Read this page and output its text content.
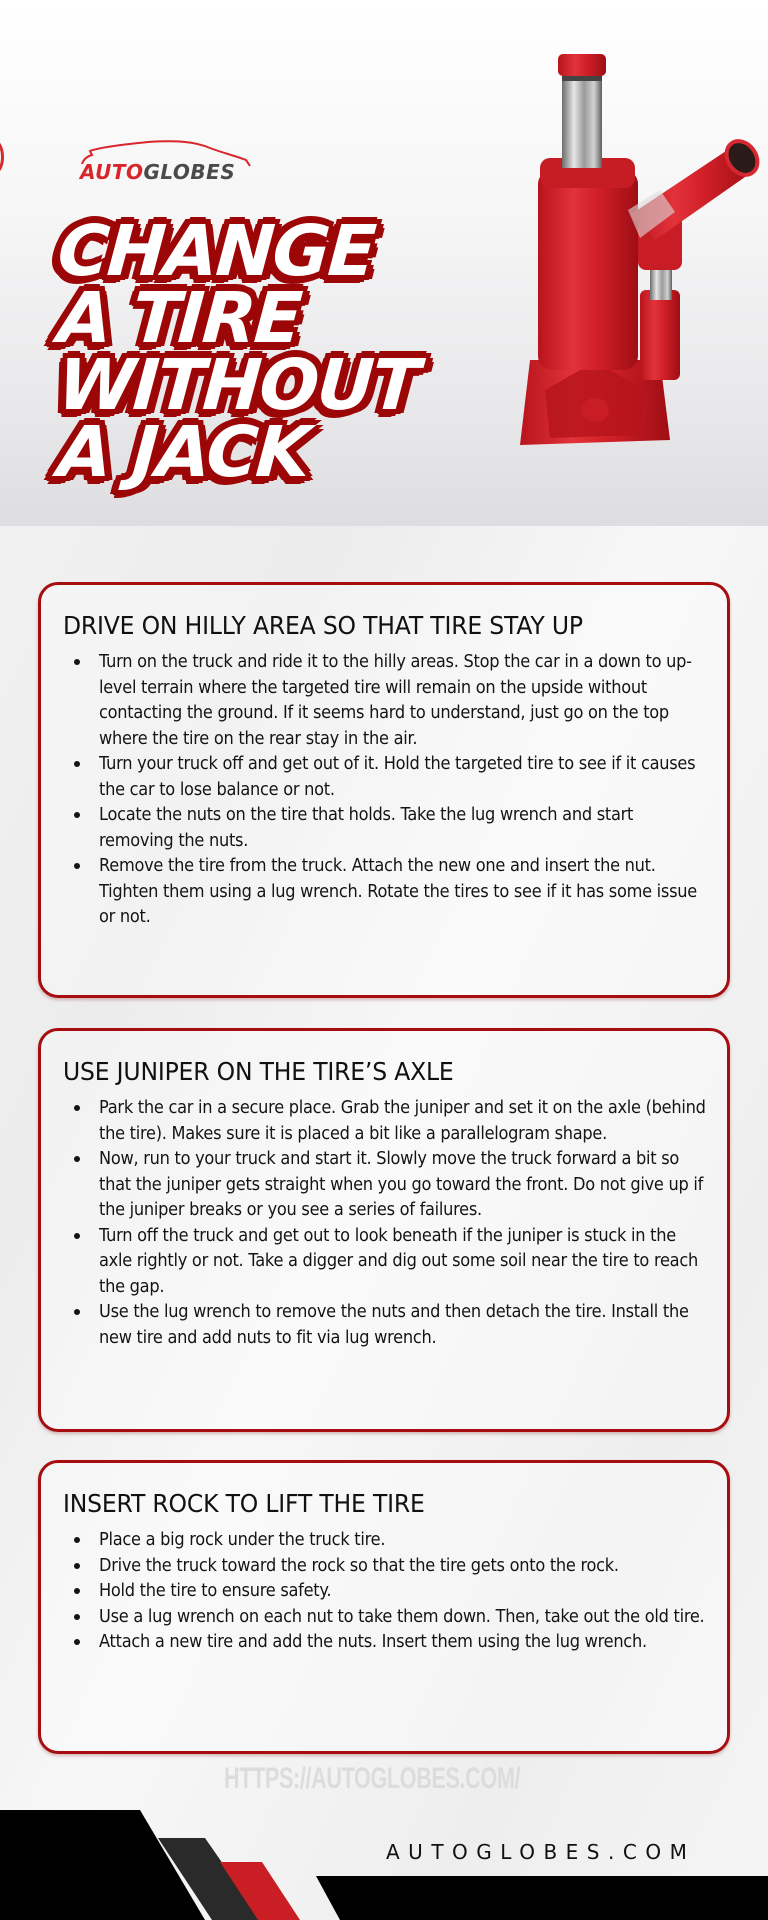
AUTOGLOBES
CHANGE
A TIRE
WITHOUT
A JACK
DRIVE ON HILLY AREA SO THAT TIRE STAY UP
Turn on the truck and ride it to the hilly areas. Stop the car in a down to up-level terrain where the targeted tire will remain on the upside without contacting the ground. If it seems hard to understand, just go on the top where the tire on the rear stay in the air.
Turn your truck off and get out of it. Hold the targeted tire to see if it causes the car to lose balance or not.
Locate the nuts on the tire that holds. Take the lug wrench and start removing the nuts.
Remove the tire from the truck. Attach the new one and insert the nut. Tighten them using a lug wrench. Rotate the tires to see if it has some issue or not.
USE JUNIPER ON THE TIRE’S AXLE
Park the car in a secure place. Grab the juniper and set it on the axle (behind the tire). Makes sure it is placed a bit like a parallelogram shape.
Now, run to your truck and start it. Slowly move the truck forward a bit so that the juniper gets straight when you go toward the front. Do not give up if the juniper breaks or you see a series of failures.
Turn off the truck and get out to look beneath if the juniper is stuck in the axle rightly or not. Take a digger and dig out some soil near the tire to reach the gap.
Use the lug wrench to remove the nuts and then detach the tire. Install the new tire and add nuts to fit via lug wrench.
INSERT ROCK TO LIFT THE TIRE
Place a big rock under the truck tire.
Drive the truck toward the rock so that the tire gets onto the rock.
Hold the tire to ensure safety.
Use a lug wrench on each nut to take them down. Then, take out the old tire.
Attach a new tire and add the nuts. Insert them using the lug wrench.
HTTPS://AUTOGLOBES.COM/
AUTOGLOBES.COM
